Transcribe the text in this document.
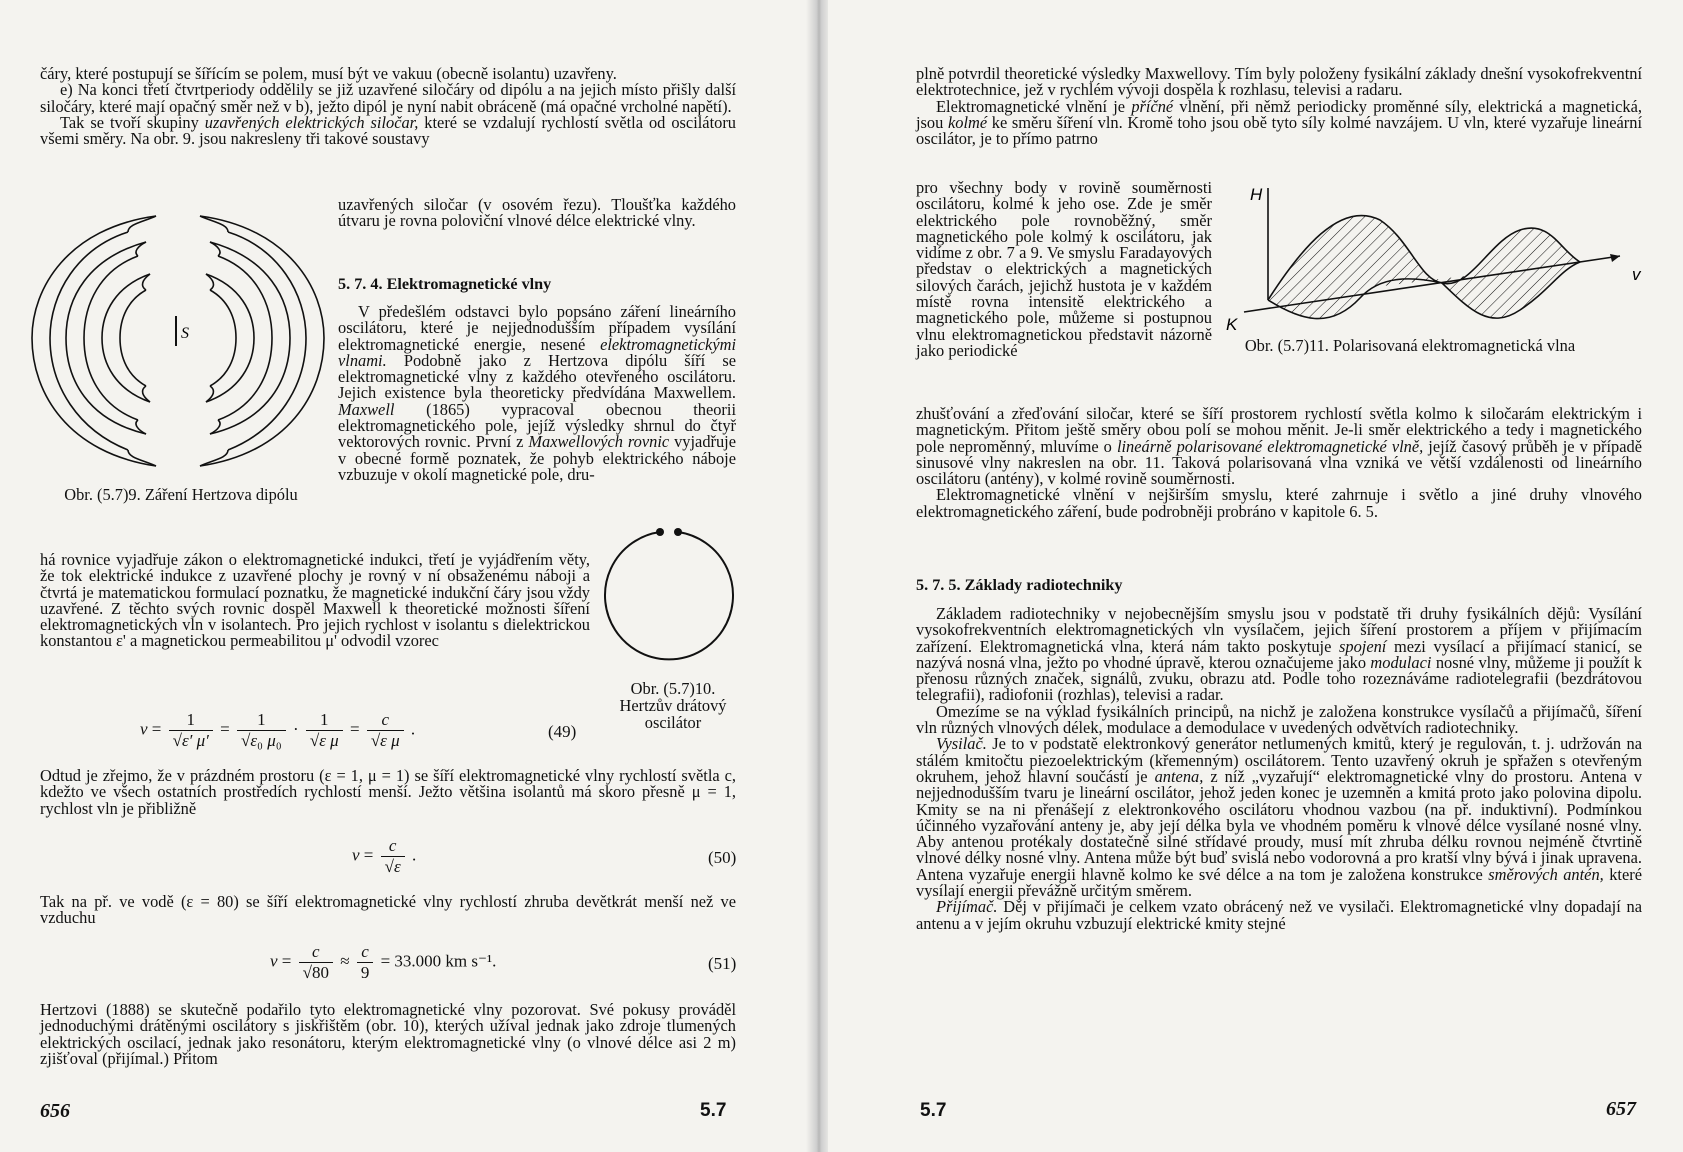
čáry, které postupují se šířícím se polem, musí být ve vakuu (obecně isolantu) uzavřeny.

e) Na konci třetí čtvrtperiody oddělily se již uzavřené siločáry od dipólu a na jejich místo přišly další siločáry, které mají opačný směr než v b), ježto dipól je nyní nabit obráceně (má opačné vrcholné napětí).

Tak se tvoří skupiny uzavřených elektrických siločar, které se vzdalují rychlostí světla od oscilátoru všemi směry. Na obr. 9. jsou nakresleny tři takové soustavy

uzavřených siločar (v osovém řezu). Tloušťka každého útvaru je rovna poloviční vlnové délce elektrické vlny.

S
Obr. (5.7)9. Záření Hertzova dipólu

5. 7. 4. Elektromagnetické vlny

V předešlém odstavci bylo popsáno záření lineárního oscilátoru, které je nejjednodušším případem vysílání elektromagnetické energie, nesené elektromagnetickými vlnami. Podobně jako z Hertzova dipólu šíří se elektromagnetické vlny z každého otevřeného oscilátoru. Jejich existence byla theoreticky předvídána Maxwellem. Maxwell (1865) vypracoval obecnou theorii elektromagnetického pole, jejíž výsledky shrnul do čtyř vektorových rovnic. První z Maxwellových rovnic vyjadřuje v obecné formě poznatek, že pohyb elektrického náboje vzbuzuje v okolí magnetické pole, dru-

há rovnice vyjadřuje zákon o elektromagnetické indukci, třetí je vyjádřením věty, že tok elektrické indukce z uzavřené plochy je rovný v ní obsaženému náboji a čtvrtá je matematickou formulací poznatku, že magnetické indukční čáry jsou vždy uzavřené. Z těchto svých rovnic dospěl Maxwell k theoretické možnosti šíření elektromagnetických vln v isolantech. Pro jejich rychlost v isolantu s dielektrickou konstantou ε' a magnetickou permeabilitou μ' odvodil vzorec

Obr. (5.7)10. Hertzův drátový oscilátor
$v = \frac{1}{√\varepsilon' \mu'} = \frac{1}{\text{√ε₀ μ₀}} \cdot \frac{1}{\text{√ε μ}} = \frac{c}{\text{√ε μ}}$ .	(49)

Odtud je zřejmo, že v prázdném prostoru (ε = 1, μ = 1) se šíří elektromagnetické vlny rychlostí světla c, kdežto ve všech ostatních prostředích rychlostí menší. Ježto většina isolantů má skoro přesně μ = 1, rychlost vln je přibližně

$v = \frac{c}{√\varepsilon}$ .	(50)

Tak na př. ve vodě (ε = 80) se šíří elektromagnetické vlny rychlostí zhruba devětkrát menší než ve vzduchu

$v = \frac{c}{√80} \approx \frac{c}{9} = 33.000$ km s⁻¹.	(51)

Hertzovi (1888) se skutečně podařilo tyto elektromagnetické vlny pozorovat. Své pokusy prováděl jednoduchými drátěnými oscilátory s jiskřištěm (obr. 10), kterých užíval jednak jako zdroje tlumených elektrických oscilací, jednak jako resonátoru, kterým elektromagnetické vlny (o vlnové délce asi 2 m) zjišťoval (přijímal.) Přitom

656	5.7

plně potvrdil theoretické výsledky Maxwellovy. Tím byly položeny fysikální základy dnešní vysokofrekventní elektrotechnice, jež v rychlém vývoji dospěla k rozhlasu, televisi a radaru.

Elektromagnetické vlnění je příčné vlnění, při němž periodicky proměnné síly, elektrická a magnetická, jsou kolmé ke směru šíření vln. Kromě toho jsou obě tyto síly kolmé navzájem. U vln, které vyzařuje lineární oscilátor, je to přímo patrno

pro všechny body v rovině souměrnosti oscilátoru, kolmé k jeho ose. Zde je směr elektrického pole rovnoběžný, směr magnetického pole kolmý k oscilátoru, jak vidíme z obr. 7 a 9. Ve smyslu Faradayových představ o elektrických a magnetických silových čarách, jejichž hustota je v každém místě rovna intensitě elektrického a magnetického pole, můžeme si postupnou vlnu elektromagnetickou představit názorně jako periodické

H
K
v
Obr. (5.7)11. Polarisovaná elektromagnetická vlna

zhušťování a zřeďování siločar, které se šíří prostorem rychlostí světla kolmo k siločarám elektrickým i magnetickým. Přitom ještě směry obou polí se mohou měnit. Je-li směr elektrického a tedy i magnetického pole neproměnný, mluvíme o lineárně polarisované elektromagnetické vlně, jejíž časový průběh je v případě sinusové vlny nakreslen na obr. 11. Taková polarisovaná vlna vzniká ve větší vzdálenosti od lineárního oscilátoru (antény), v kolmé rovině souměrnosti.

Elektromagnetické vlnění v nejširším smyslu, které zahrnuje i světlo a jiné druhy vlnového elektromagnetického záření, bude podrobněji probráno v kapitole 6. 5.

5. 7. 5. Základy radiotechniky

Základem radiotechniky v nejobecnějším smyslu jsou v podstatě tři druhy fysikálních dějů: Vysílání vysokofrekventních elektromagnetických vln vysílačem, jejich šíření prostorem a příjem v přijímacím zařízení. Elektromagnetická vlna, která nám takto poskytuje spojení mezi vysílací a přijímací stanicí, se nazývá nosná vlna, ježto po vhodné úpravě, kterou označujeme jako modulaci nosné vlny, můžeme ji použít k přenosu různých značek, signálů, zvuku, obrazu atd. Podle toho rozeznáváme radiotelegrafii (bezdrátovou telegrafii), radiofonii (rozhlas), televisi a radar.

Omezíme se na výklad fysikálních principů, na nichž je založena konstrukce vysílačů a přijímačů, šíření vln různých vlnových délek, modulace a demodulace v uvedených odvětvích radiotechniky.

Vysilač. Je to v podstatě elektronkový generátor netlumených kmitů, který je regulován, t. j. udržován na stálém kmitočtu piezoelektrickým (křemenným) oscilátorem. Tento uzavřený okruh je spřažen s otevřeným okruhem, jehož hlavní součástí je antena, z níž „vyzařují“ elektromagnetické vlny do prostoru. Antena v nejjednodušším tvaru je lineární oscilátor, jehož jeden konec je uzemněn a kmitá proto jako polovina dipolu. Kmity se na ni přenášejí z elektronkového oscilátoru vhodnou vazbou (na př. induktivní). Podmínkou účinného vyzařování anteny je, aby její délka byla ve vhodném poměru k vlnové délce vysílané nosné vlny. Aby antenou protékaly dostatečně silné střídavé proudy, musí mít zhruba délku rovnou nejméně čtvrtině vlnové délky nosné vlny. Antena může být buď svislá nebo vodorovná a pro kratší vlny bývá i jinak upravena. Antena vyzařuje energii hlavně kolmo ke své délce a na tom je založena konstrukce směrových antén, které vysílají energii převážně určitým směrem.

Přijímač. Děj v přijímači je celkem vzato obrácený než ve vysilači. Elektromagnetické vlny dopadají na antenu a v jejím okruhu vzbuzují elektrické kmity stejné

5.7	657
